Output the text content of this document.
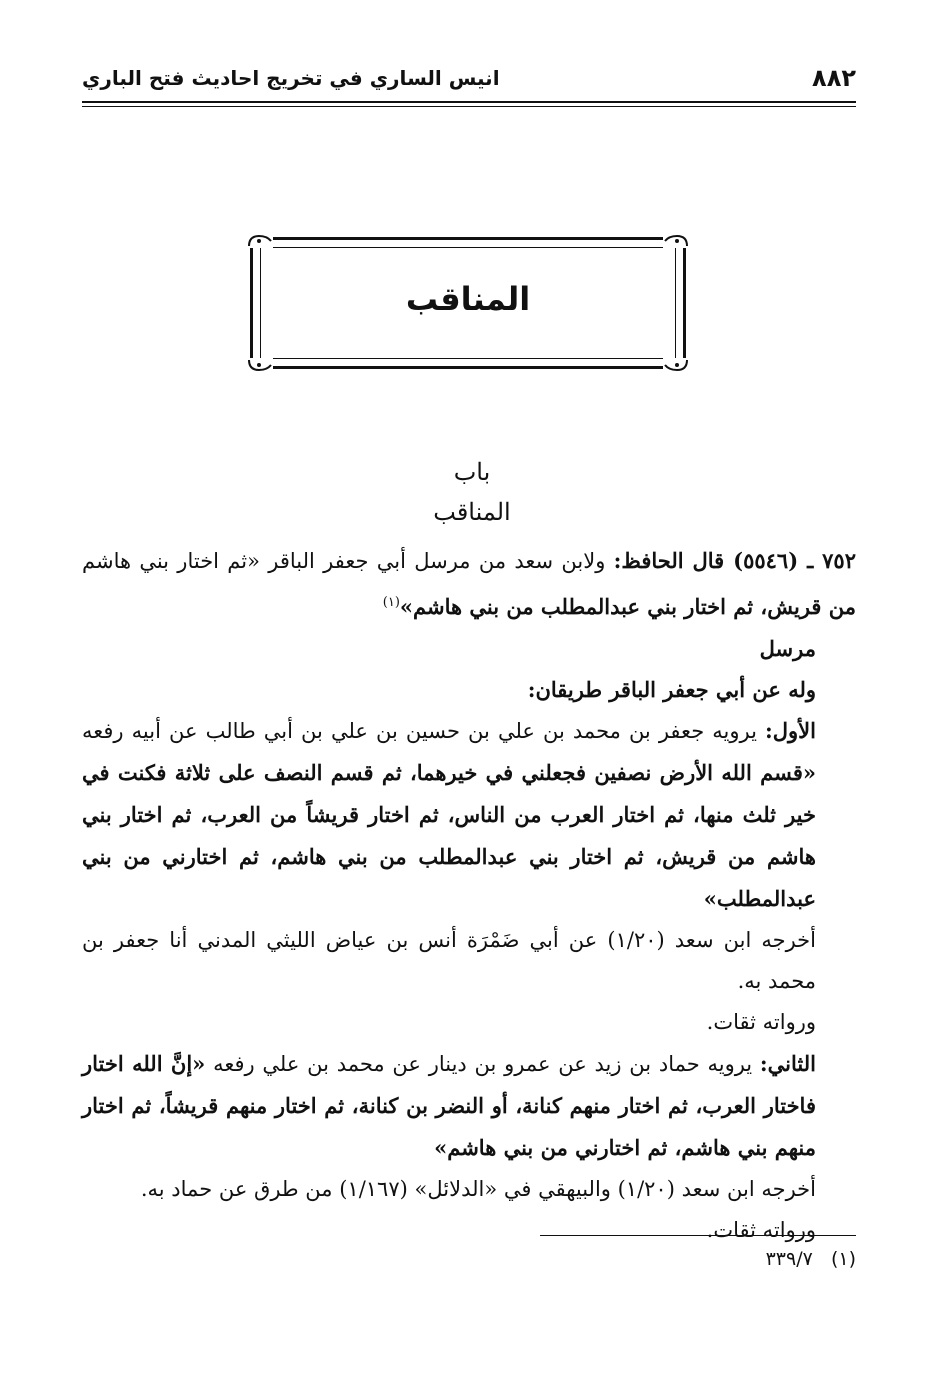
٨٨٢
انيس الساري في تخريج احاديث فتح الباري
المناقب
باب
المناقب

٧٥٢ ـ (٥٥٤٦) قال الحافظ: ولابن سعد من مرسل أبي جعفر الباقر «ثم اختار بني هاشم من قريش، ثم اختار بني عبدالمطلب من بني هاشم»$^{(١)}$

مرسل

وله عن أبي جعفر الباقر طريقان:

الأول: يرويه جعفر بن محمد بن علي بن حسين بن علي بن أبي طالب عن أبيه رفعه «قسم الله الأرض نصفين فجعلني في خيرهما، ثم قسم النصف على ثلاثة فكنت في خير ثلث منها، ثم اختار العرب من الناس، ثم اختار قريشاً من العرب، ثم اختار بني هاشم من قريش، ثم اختار بني عبدالمطلب من بني هاشم، ثم اختارني من بني عبدالمطلب»

أخرجه ابن سعد (١/٢٠) عن أبي ضَمْرَة أنس بن عياض الليثي المدني أنا جعفر بن محمد به.

ورواته ثقات.

الثاني: يرويه حماد بن زيد عن عمرو بن دينار عن محمد بن علي رفعه «إنَّ الله اختار فاختار العرب، ثم اختار منهم كنانة، أو النضر بن كنانة، ثم اختار منهم قريشاً، ثم اختار منهم بني هاشم، ثم اختارني من بني هاشم»

أخرجه ابن سعد (١/٢٠) والبيهقي في «الدلائل» (١/١٦٧) من طرق عن حماد به.

ورواته ثقات.

(١)   ٣٣٩/٧
